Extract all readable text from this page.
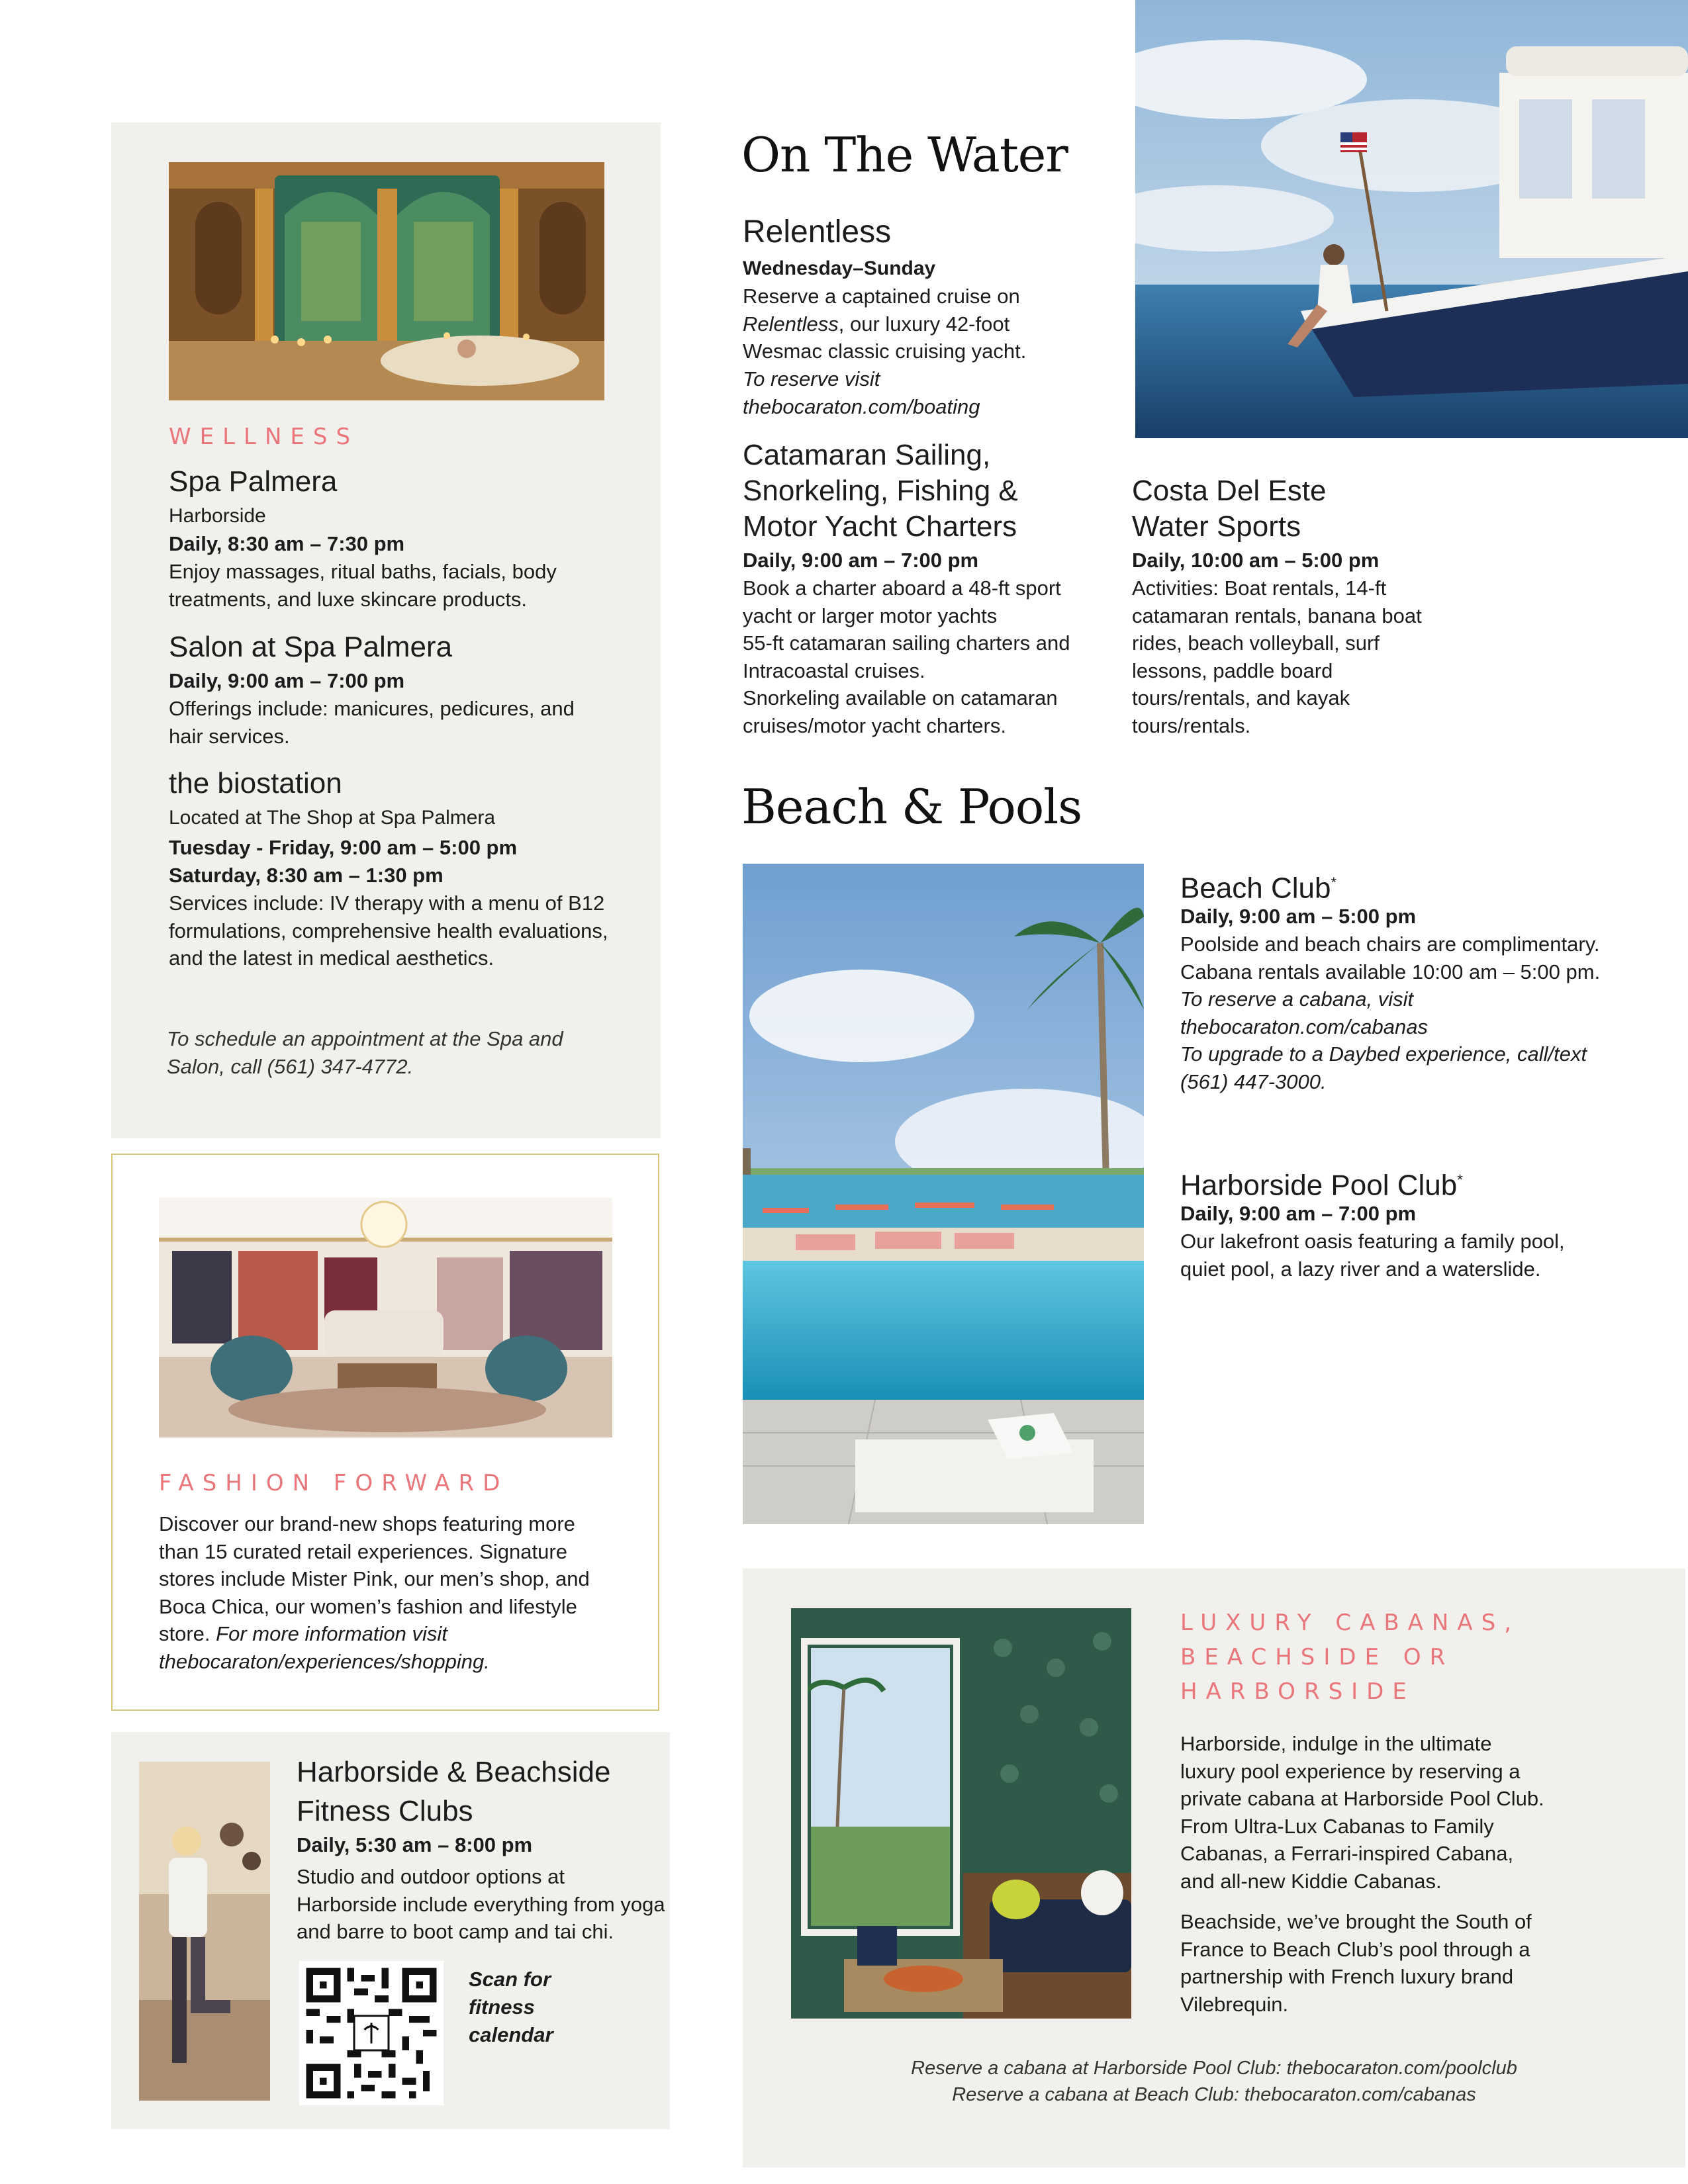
WELLNESS
Spa Palmera
Harborside
Daily, 8:30 am – 7:30 pm
Enjoy massages, ritual baths, facials, body treatments, and luxe skincare products.
Salon at Spa Palmera
Daily, 9:00 am – 7:00 pm
Offerings include: manicures, pedicures, and hair services.
the biostation
Located at The Shop at Spa Palmera
Tuesday - Friday, 9:00 am – 5:00 pm
Saturday, 8:30 am – 1:30 pm
Services include: IV therapy with a menu of B12 formulations, comprehensive health evaluations, and the latest in medical aesthetics.
To schedule an appointment at the Spa and Salon, call (561) 347-4772.
FASHION FORWARD
Discover our brand-new shops featuring more than 15 curated retail experiences. Signature stores include Mister Pink, our men’s shop, and Boca Chica, our women’s fashion and lifestyle store. For more information visit thebocaraton/experiences/shopping.
Harborside & Beachside
Fitness Clubs
Daily, 5:30 am – 8:00 pm
Studio and outdoor options at Harborside include everything from yoga and barre to boot camp and tai chi.
Scan for
fitness
calendar
On The Water
Relentless
Wednesday–Sunday
Reserve a captained cruise on Relentless, our luxury 42-foot Wesmac classic cruising yacht.
To reserve visit thebocaraton.com/boating
Catamaran Sailing,
Snorkeling, Fishing &
Motor Yacht Charters
Daily, 9:00 am – 7:00 pm
Book a charter aboard a 48-ft sport yacht or larger motor yachts
55-ft catamaran sailing charters and Intracoastal cruises.
Snorkeling available on catamaran cruises/motor yacht charters.
Costa Del Este
Water Sports
Daily, 10:00 am – 5:00 pm
Activities: Boat rentals, 14-ft catamaran rentals, banana boat rides, beach volleyball, surf lessons, paddle board tours/rentals, and kayak tours/rentals.
Beach & Pools
Beach Club*
Daily, 9:00 am – 5:00 pm
Poolside and beach chairs are complimentary. Cabana rentals available 10:00 am – 5:00 pm. To reserve a cabana, visit thebocaraton.com/cabanas
To upgrade to a Daybed experience, call/text (561) 447-3000.
Harborside Pool Club*
Daily, 9:00 am – 7:00 pm
Our lakefront oasis featuring a family pool, quiet pool, a lazy river and a waterslide.
LUXURY CABANAS,
BEACHSIDE OR
HARBORSIDE
Harborside, indulge in the ultimate luxury pool experience by reserving a private cabana at Harborside Pool Club. From Ultra-Lux Cabanas to Family Cabanas, a Ferrari-inspired Cabana, and all-new Kiddie Cabanas.
Beachside, we’ve brought the South of France to Beach Club’s pool through a partnership with French luxury brand Vilebrequin.
Reserve a cabana at Harborside Pool Club: thebocaraton.com/poolclub
Reserve a cabana at Beach Club: thebocaraton.com/cabanas
